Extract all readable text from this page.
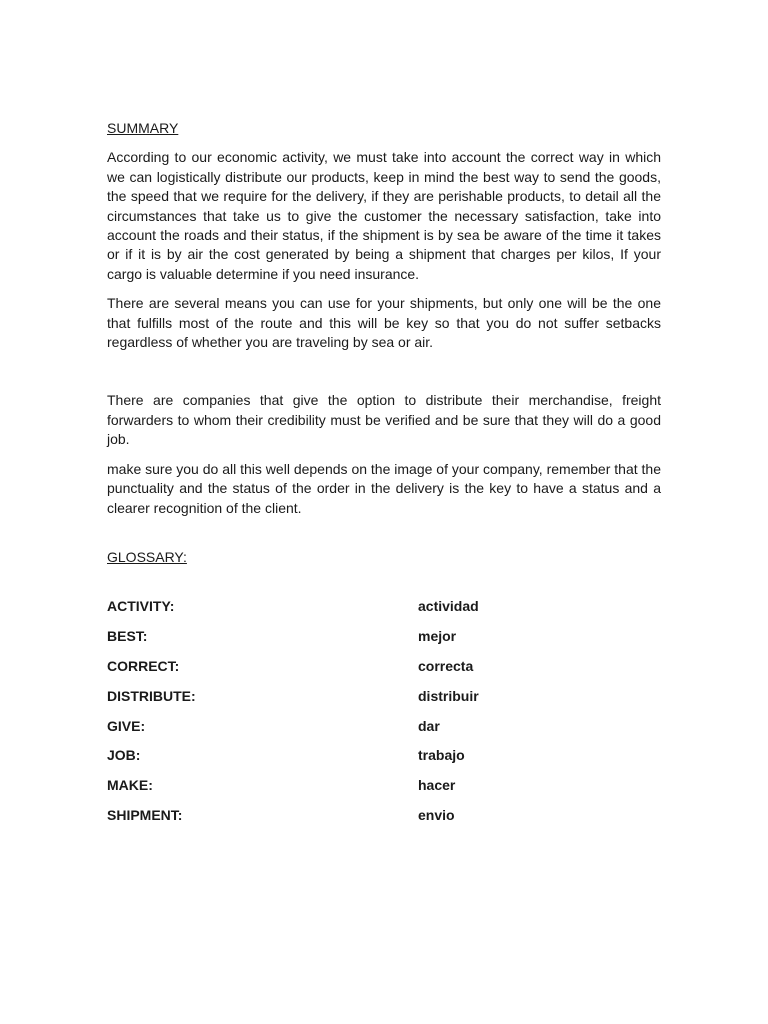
SUMMARY

According to our economic activity, we must take into account the correct way in which we can logistically distribute our products, keep in mind the best way to send the goods, the speed that we require for the delivery, if they are perishable products, to detail all the circumstances that take us to give the customer the necessary satisfaction, take into account the roads and their status, if the shipment is by sea be aware of the time it takes or if it is by air the cost generated by being a shipment that charges per kilos, If your cargo is valuable determine if you need insurance.

There are several means you can use for your shipments, but only one will be the one that fulfills most of the route and this will be key so that you do not suffer setbacks regardless of whether you are traveling by sea or air.

There are companies that give the option to distribute their merchandise, freight forwarders to whom their credibility must be verified and be sure that they will do a good job.

make sure you do all this well depends on the image of your company, remember that the punctuality and the status of the order in the delivery is the key to have a status and a clearer recognition of the client.

GLOSSARY:
ACTIVITY:	actividad
BEST:	mejor
CORRECT:	correcta
DISTRIBUTE:	distribuir
GIVE:	dar
JOB:	trabajo
MAKE:	hacer
SHIPMENT:	envio
